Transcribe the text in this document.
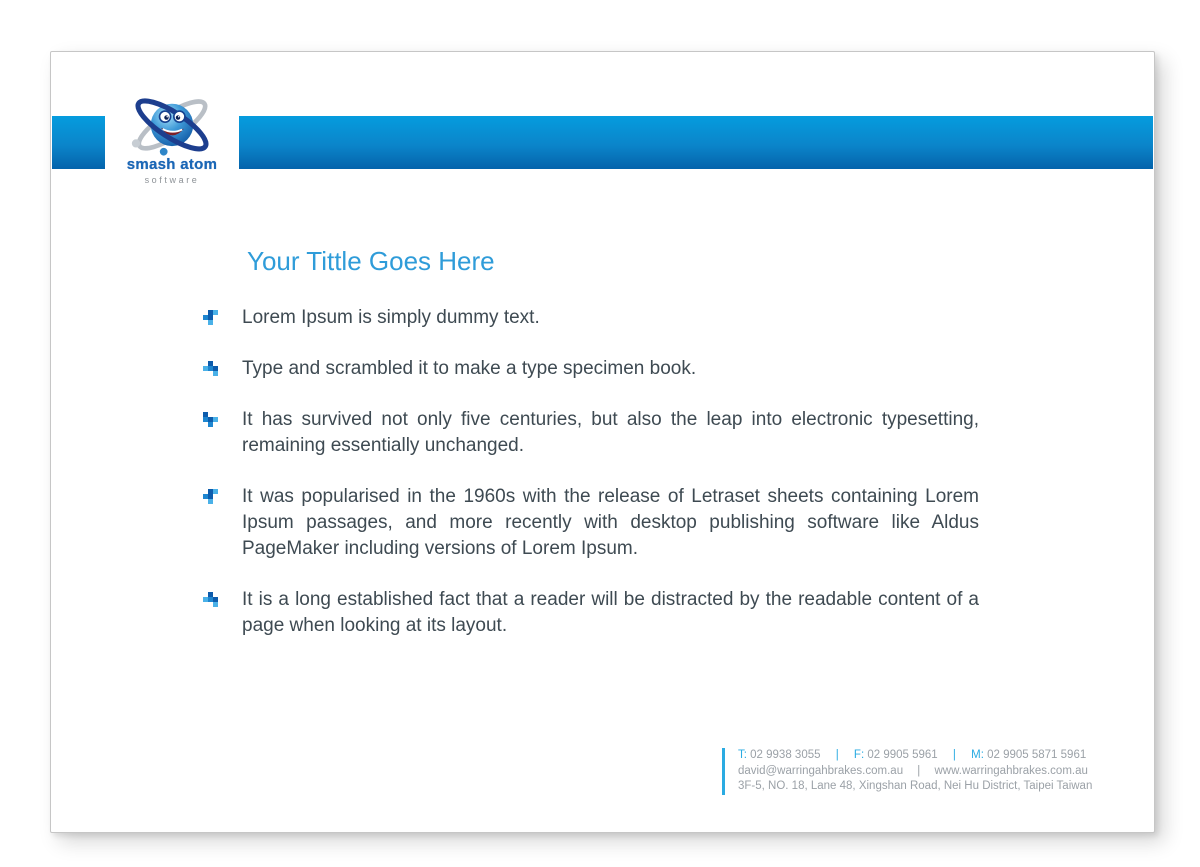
smash atom
software
Your Tittle Goes Here
Lorem Ipsum is simply dummy text.
Type and scrambled it to make a type specimen book.
It has survived not only five centuries, but also the leap into electronic typesetting, remaining essentially unchanged.
It was popularised in the 1960s with the release of Letraset sheets containing Lorem Ipsum passages, and more recently with desktop publishing software like Aldus PageMaker including versions of Lorem Ipsum.
It is a long established fact that a reader will be distracted by the readable content of a page when looking at its layout.
T: 02 9938 3055 | F: 02 9905 5961 | M: 02 9905 5871 5961
david@warringahbrakes.com.au | www.warringahbrakes.com.au
3F-5, NO. 18, Lane 48, Xingshan Road, Nei Hu District, Taipei Taiwan
